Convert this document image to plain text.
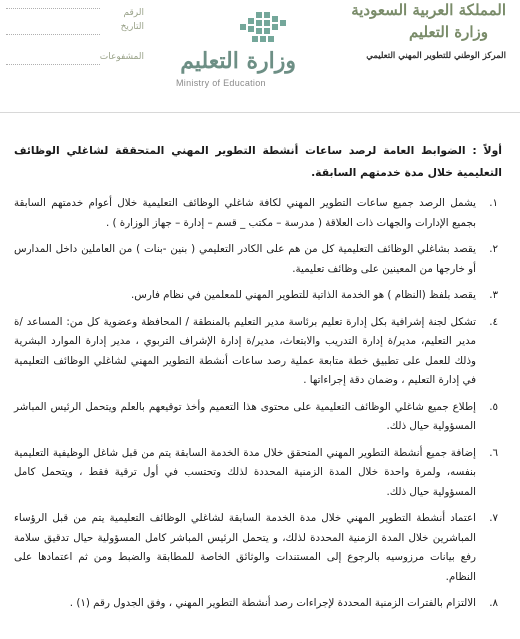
المملكة العربية السعودية
وزارة التعليم
المركز الوطني للتطوير المهني التعليمي
وزارة التعليم
Ministry of Education
الرقم
التاريخ
المشفوعات
أولاً : الضوابط العامة لرصد ساعات أنشطة التطوير المهني المتحققة لشاغلي الوظائف التعليمية خلال مدة خدمتهم السابقة.
١.
يشمل الرصد جميع ساعات التطوير المهني لكافة شاغلي الوظائف التعليمية خلال أعوام خدمتهم السابقة بجميع الإدارات والجهات ذات العلاقة ( مدرسة – مكتب _ قسم – إدارة – جهاز الوزارة ) .
٢.
يقصد بشاغلي الوظائف التعليمية كل من هم على الكادر التعليمي ( بنين -بنات ) من العاملين داخل المدارس أو خارجها من المعينين على وظائف تعليمية.
٣.
يقصد بلفظ (النظام ) هو الخدمة الذاتية للتطوير المهني للمعلمين في نظام فارس.
٤.
تشكل لجنة إشرافية بكل إدارة تعليم برئاسة مدير التعليم بالمنطقة / المحافظة وعضوية كل من: المساعد /ة مدير التعليم، مدير/ة إدارة التدريب والابتعاث، مدير/ة إدارة الإشراف التربوي ، مدير إدارة الموارد البشرية وذلك للعمل على تطبيق خطة متابعة عملية رصد ساعات أنشطة التطوير المهني لشاغلي الوظائف التعليمية في إدارة التعليم ، وضمان دقة إجراءاتها .
٥.
إطلاع جميع شاغلي الوظائف التعليمية على محتوى هذا التعميم وأخذ توقيعهم بالعلم ويتحمل الرئيس المباشر المسؤولية حيال ذلك.
٦.
إضافة جميع أنشطة التطوير المهني المتحقق خلال مدة الخدمة السابقة يتم من قبل شاغل الوظيفية التعليمية بنفسه، ولمرة واحدة خلال المدة الزمنية المحددة لذلك وتحتسب في أول ترقية فقط ، ويتحمل كامل المسؤولية حيال ذلك.
٧.
اعتماد أنشطة التطوير المهني خلال مدة الخدمة السابقة لشاغلي الوظائف التعليمية يتم من قبل الرؤساء المباشرين خلال المدة الزمنية المحددة لذلك، و يتحمل الرئيس المباشر كامل المسؤولية حيال تدقيق سلامة رفع بيانات مرزوسيه بالرجوع إلى المستندات والوثائق الخاصة للمطابقة والضبط ومن ثم اعتمادها على النظام.
٨.
الالتزام بالفترات الزمنية المحددة لإجراءات رصد أنشطة التطوير المهني ، وفق الجدول رقم (١) .
